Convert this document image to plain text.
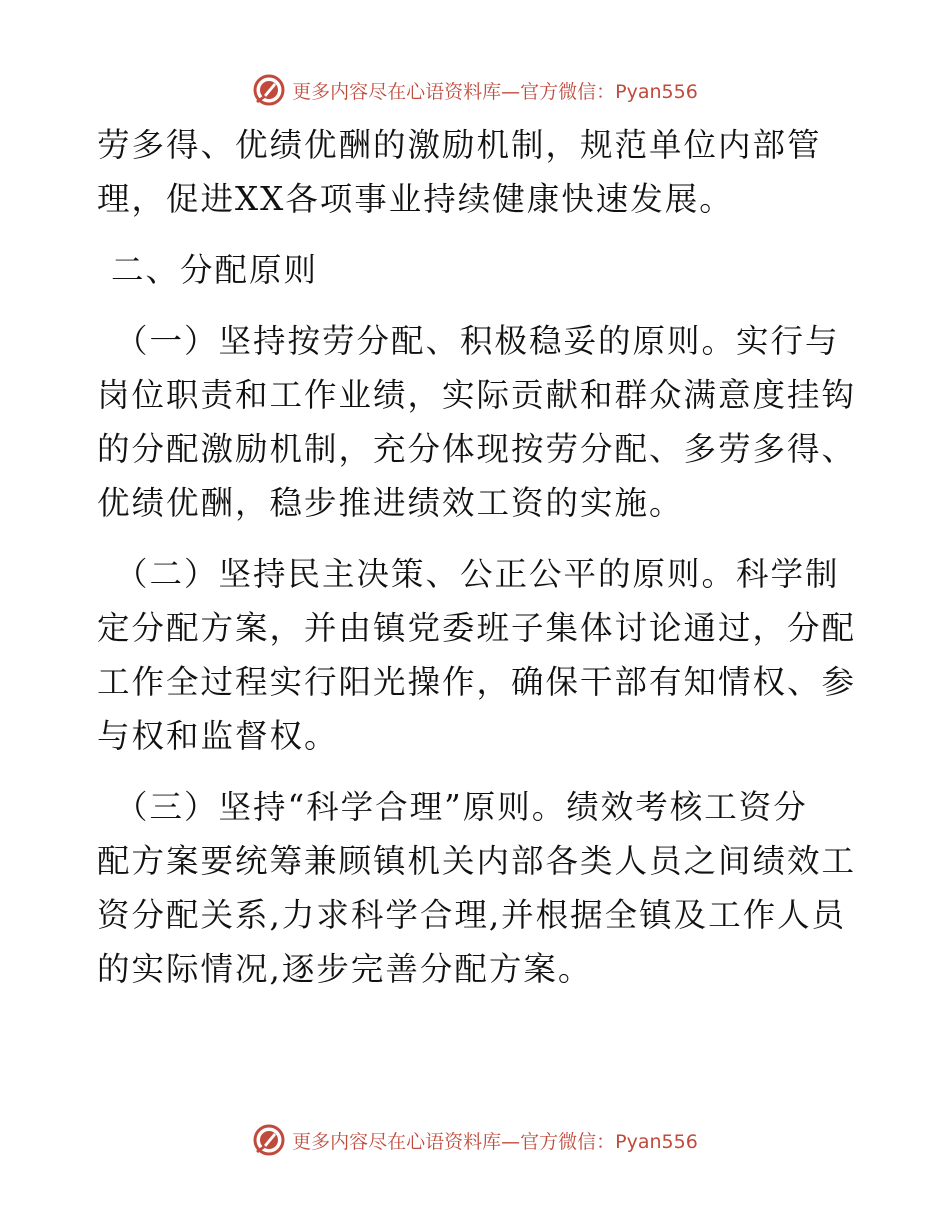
更多内容尽在心语资料库—官方微信：Pyan556
劳多得、优绩优酬的激励机制，规范单位内部管
理，促进XX各项事业持续健康快速发展。
二、分配原则
（一）坚持按劳分配、积极稳妥的原则。实行与
岗位职责和工作业绩，实际贡献和群众满意度挂钩
的分配激励机制，充分体现按劳分配、多劳多得、
优绩优酬，稳步推进绩效工资的实施。
（二）坚持民主决策、公正公平的原则。科学制
定分配方案，并由镇党委班子集体讨论通过，分配
工作全过程实行阳光操作，确保干部有知情权、参
与权和监督权。
（三）坚持“科学合理”原则。绩效考核工资分
配方案要统筹兼顾镇机关内部各类人员之间绩效工
资分配关系,力求科学合理,并根据全镇及工作人员
的实际情况,逐步完善分配方案。
更多内容尽在心语资料库—官方微信：Pyan556
